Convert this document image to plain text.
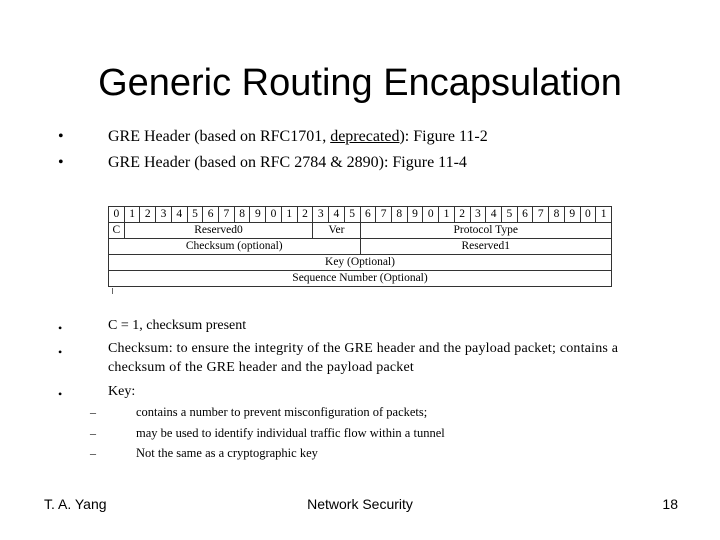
Generic Routing Encapsulation
•	GRE Header (based on RFC1701, deprecated): Figure 11-2
•	GRE Header (based on RFC 2784 & 2890): Figure 11-4
0	1	2	3	4	5	6	7	8	9	0	1	2	3	4	5	6	7	8	9	0	1	2	3	4	5	6	7	8	9	0	1
C	Reserved0												Ver			Protocol Type															
Checksum (optional)																Reserved1															
Key (Optional)																															
Sequence Number (Optional)																															
•	C = 1, checksum present
•	Checksum: to ensure the integrity of the GRE header and the payload packet; contains a
checksum of the GRE header and the payload packet
•	Key:
–	contains a number to prevent misconfiguration of packets;
–	may be used to identify individual traffic flow within a tunnel
–	Not the same as a cryptographic key
T. A. Yang	Network Security	18
